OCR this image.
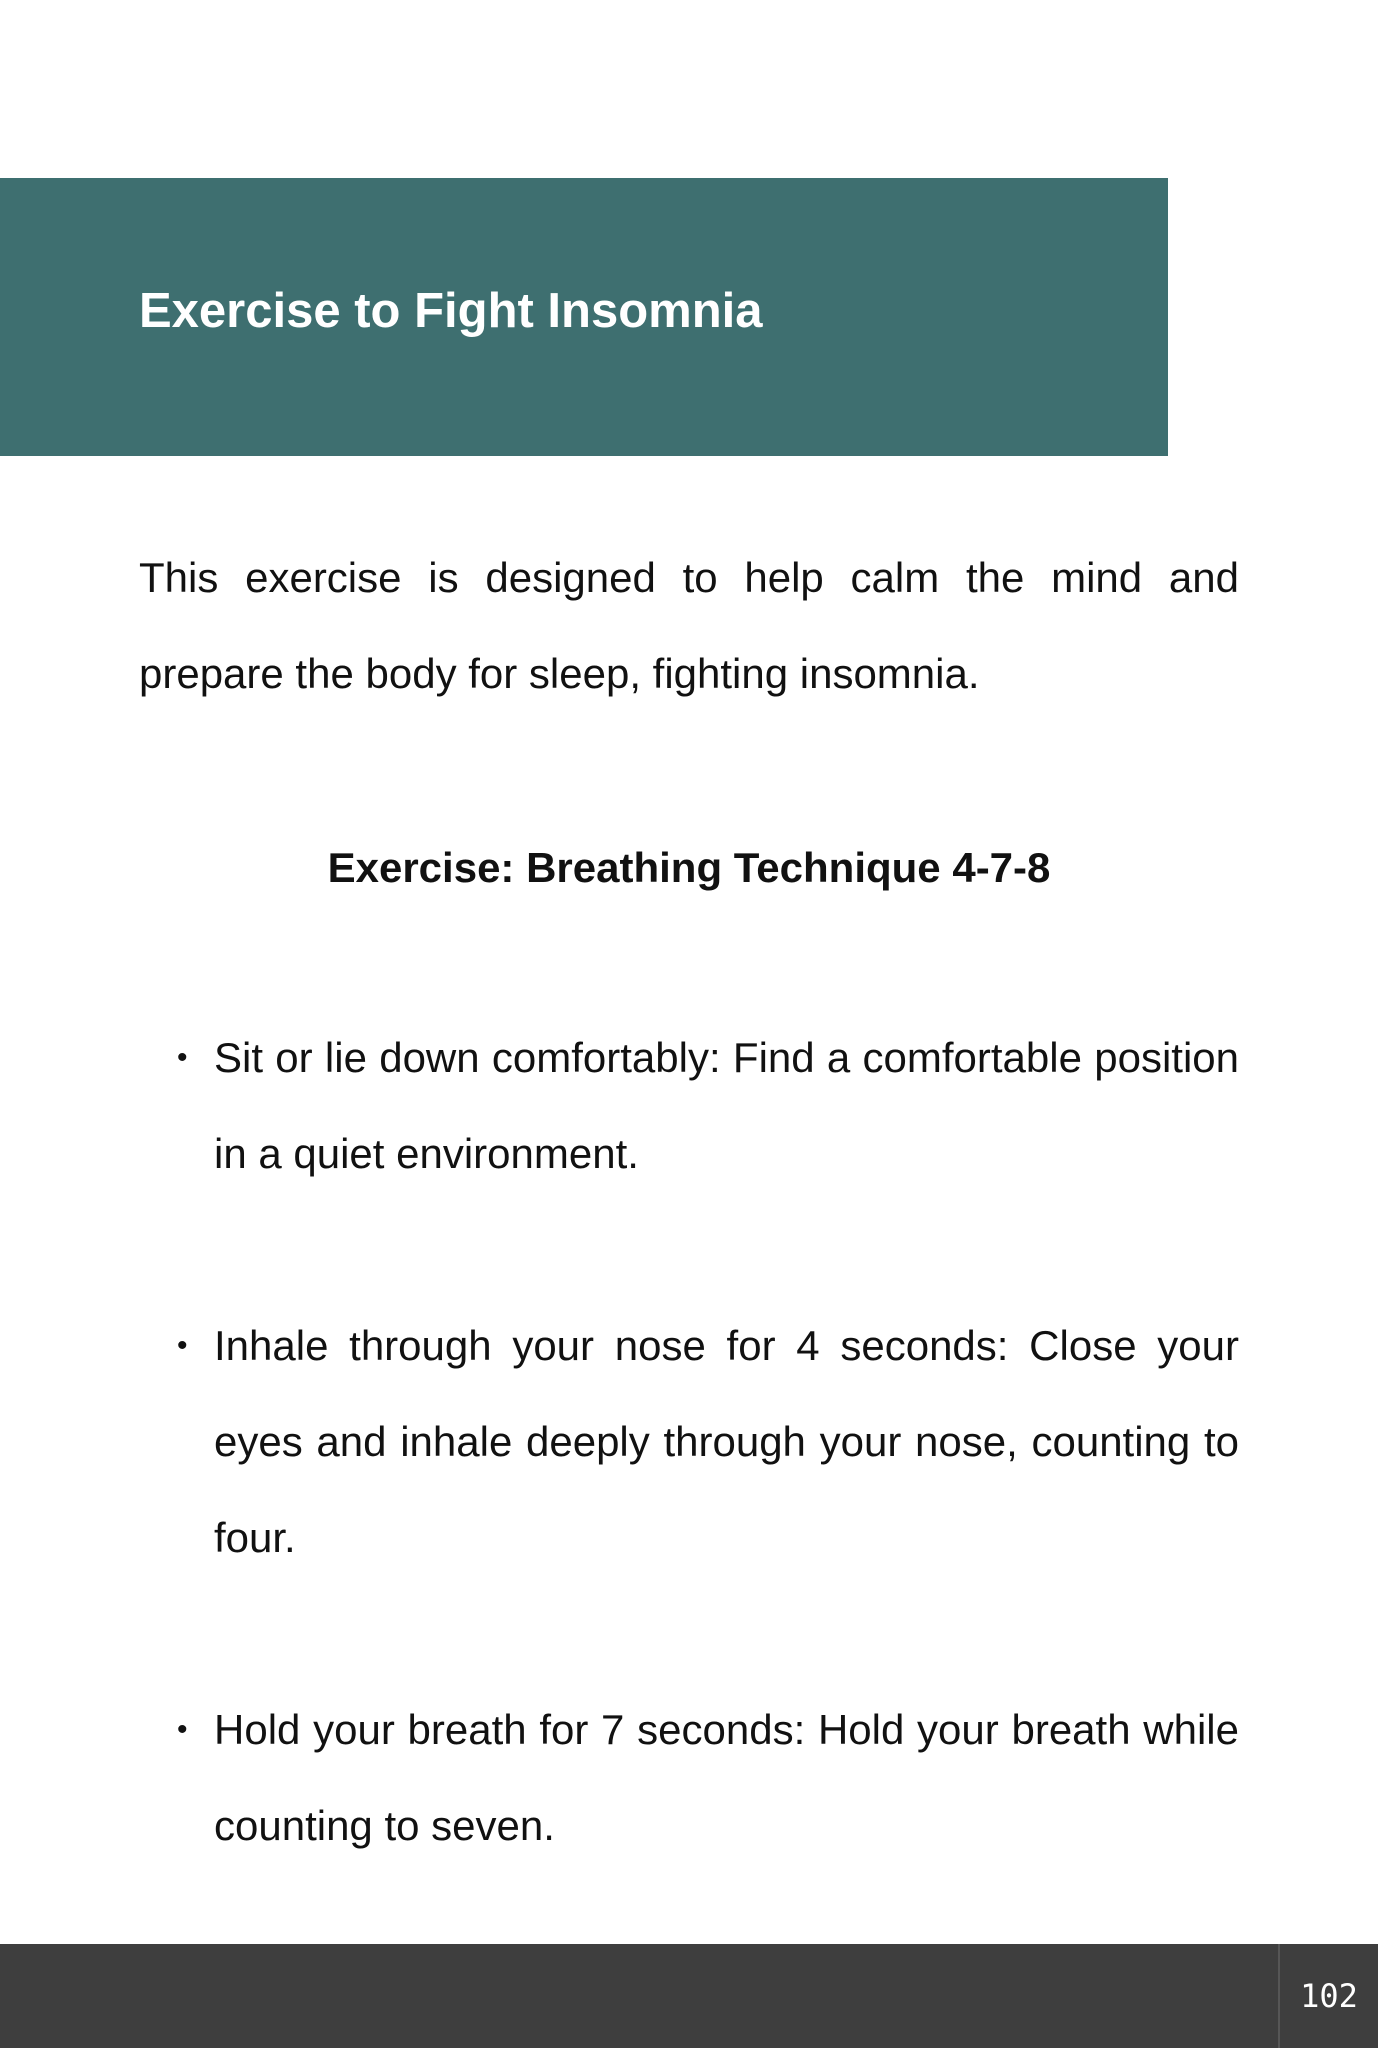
Exercise to Fight Insomnia

This exercise is designed to help calm the mind and prepare the body for sleep, fighting insomnia.

Exercise: Breathing Technique 4-7-8
• Sit or lie down comfortably: Find a comfortable position in a quiet environment.
• Inhale through your nose for 4 seconds: Close your eyes and inhale deeply through your nose, counting to four.
• Hold your breath for 7 seconds: Hold your breath while counting to seven.
102
